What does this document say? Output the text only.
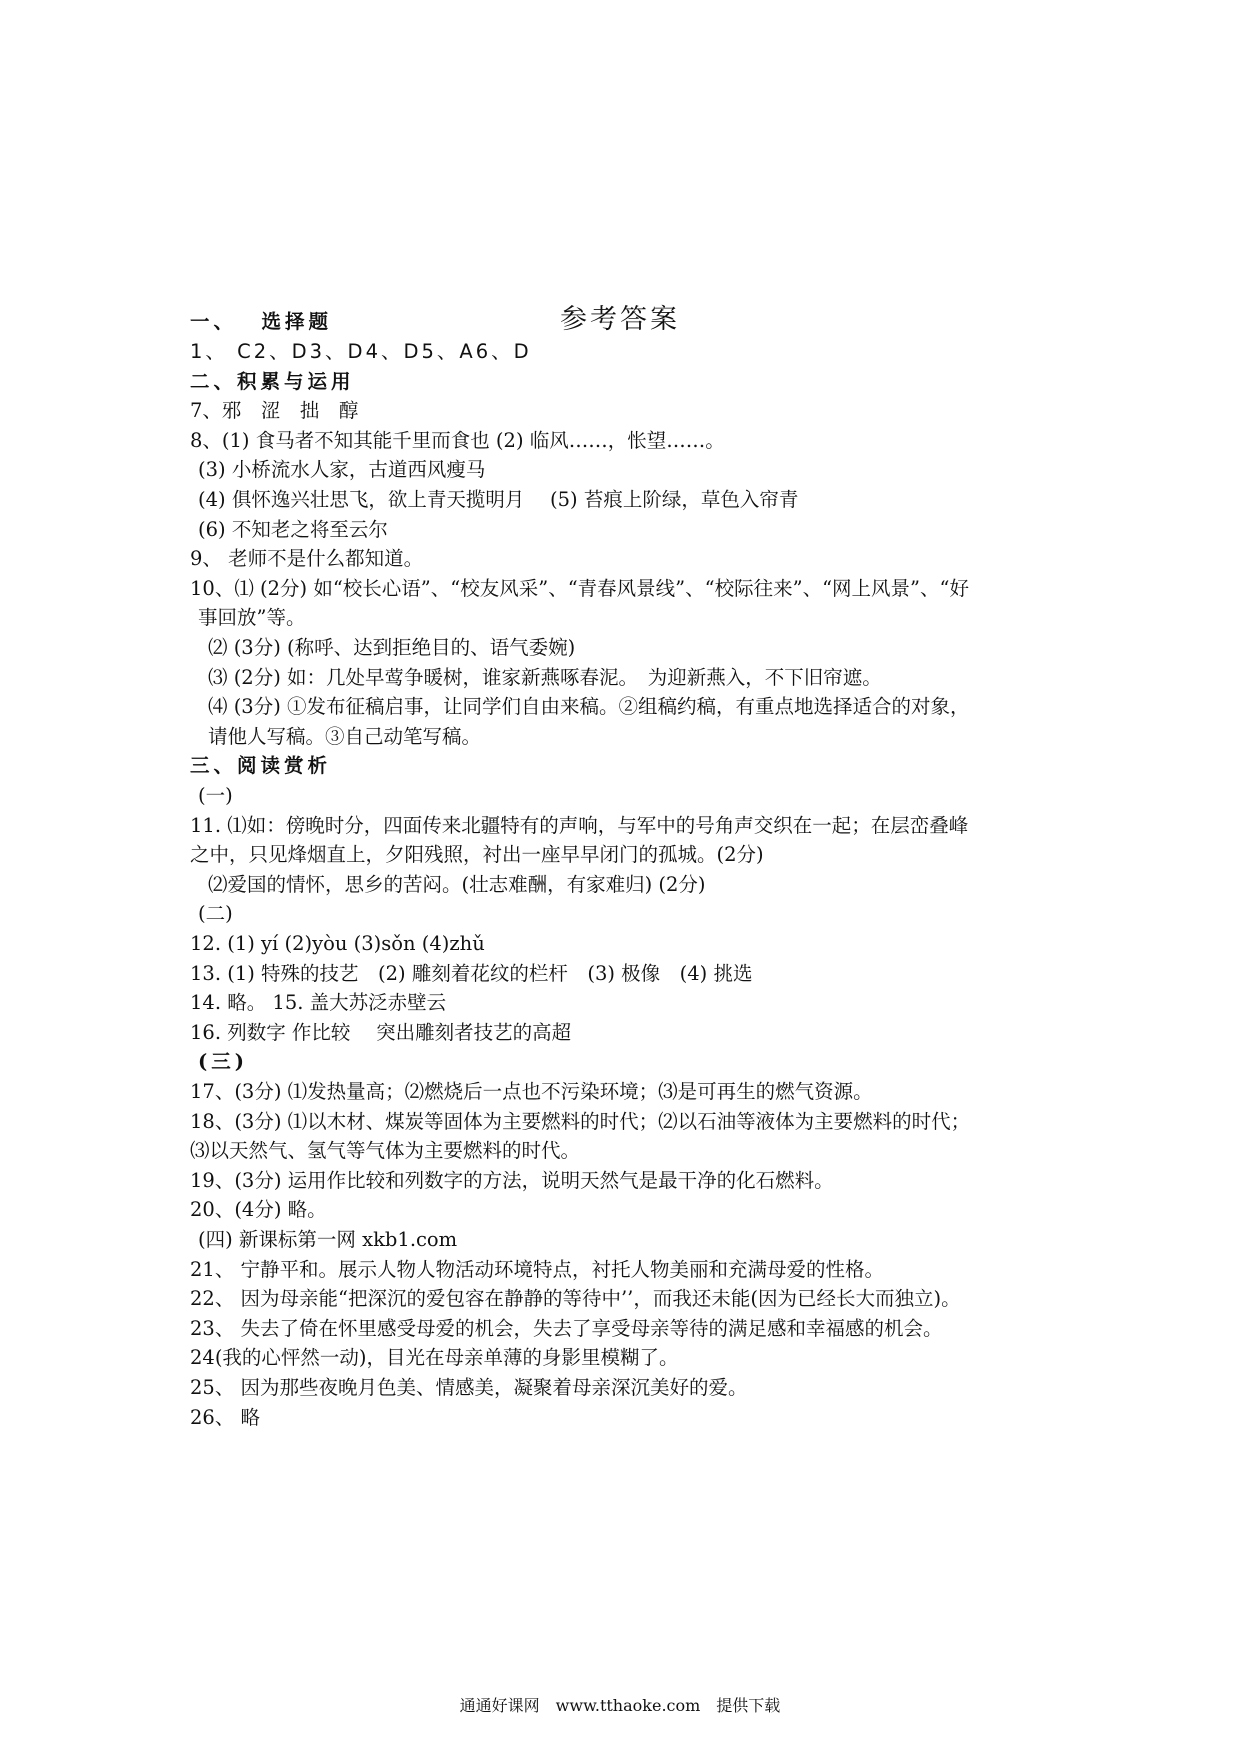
参考答案
一、　 选择题
1、 C2、D3、D4、D5、A6、D
二、积累与运用
7、邪　涩　拙　醇
8、(1) 食马者不知其能千里而食也 (2) 临风……，怅望……。
(3) 小桥流水人家，古道西风瘦马
(4) 俱怀逸兴壮思飞，欲上青天揽明月　 (5) 苔痕上阶绿，草色入帘青
(6) 不知老之将至云尔
9、 老师不是什么都知道。
10、⑴ (2分) 如“校长心语”、“校友风采”、“青春风景线”、“校际往来”、“网上风景”、“好
事回放”等。
⑵ (3分) (称呼、达到拒绝目的、语气委婉)
⑶ (2分) 如：几处早莺争暖树，谁家新燕啄春泥。　为迎新燕入，不下旧帘遮。
⑷ (3分) ①发布征稿启事，让同学们自由来稿。②组稿约稿，有重点地选择适合的对象，
请他人写稿。③自己动笔写稿。
三、阅读赏析
(一)
11. ⑴如：傍晚时分，四面传来北疆特有的声响，与军中的号角声交织在一起；在层峦叠峰
之中，只见烽烟直上，夕阳残照，衬出一座早早闭门的孤城。(2分)
⑵爱国的情怀，思乡的苦闷。(壮志难酬，有家难归) (2分)
(二)
12. (1) yí (2)yòu (3)sǒn (4)zhǔ
13. (1) 特殊的技艺　(2) 雕刻着花纹的栏杆　(3) 极像　(4) 挑选
14. 略。 15. 盖大苏泛赤壁云
16. 列数字 作比较　 突出雕刻者技艺的高超
(三)
17、(3分) ⑴发热量高；⑵燃烧后一点也不污染环境；⑶是可再生的燃气资源。
18、(3分) ⑴以木材、煤炭等固体为主要燃料的时代；⑵以石油等液体为主要燃料的时代；
⑶以天然气、氢气等气体为主要燃料的时代。
19、(3分) 运用作比较和列数字的方法，说明天然气是最干净的化石燃料。
20、(4分) 略。
(四) 新课标第一网 xkb1.com
21、 宁静平和。展示人物人物活动环境特点，衬托人物美丽和充满母爱的性格。
22、 因为母亲能“把深沉的爱包容在静静的等待中’’，而我还未能(因为已经长大而独立)。
23、 失去了倚在怀里感受母爱的机会，失去了享受母亲等待的满足感和幸福感的机会。
24(我的心怦然一动)，目光在母亲单薄的身影里模糊了。
25、 因为那些夜晚月色美、情感美，凝聚着母亲深沉美好的爱。
26、 略
通通好课网　www.tthaoke.com　提供下载
